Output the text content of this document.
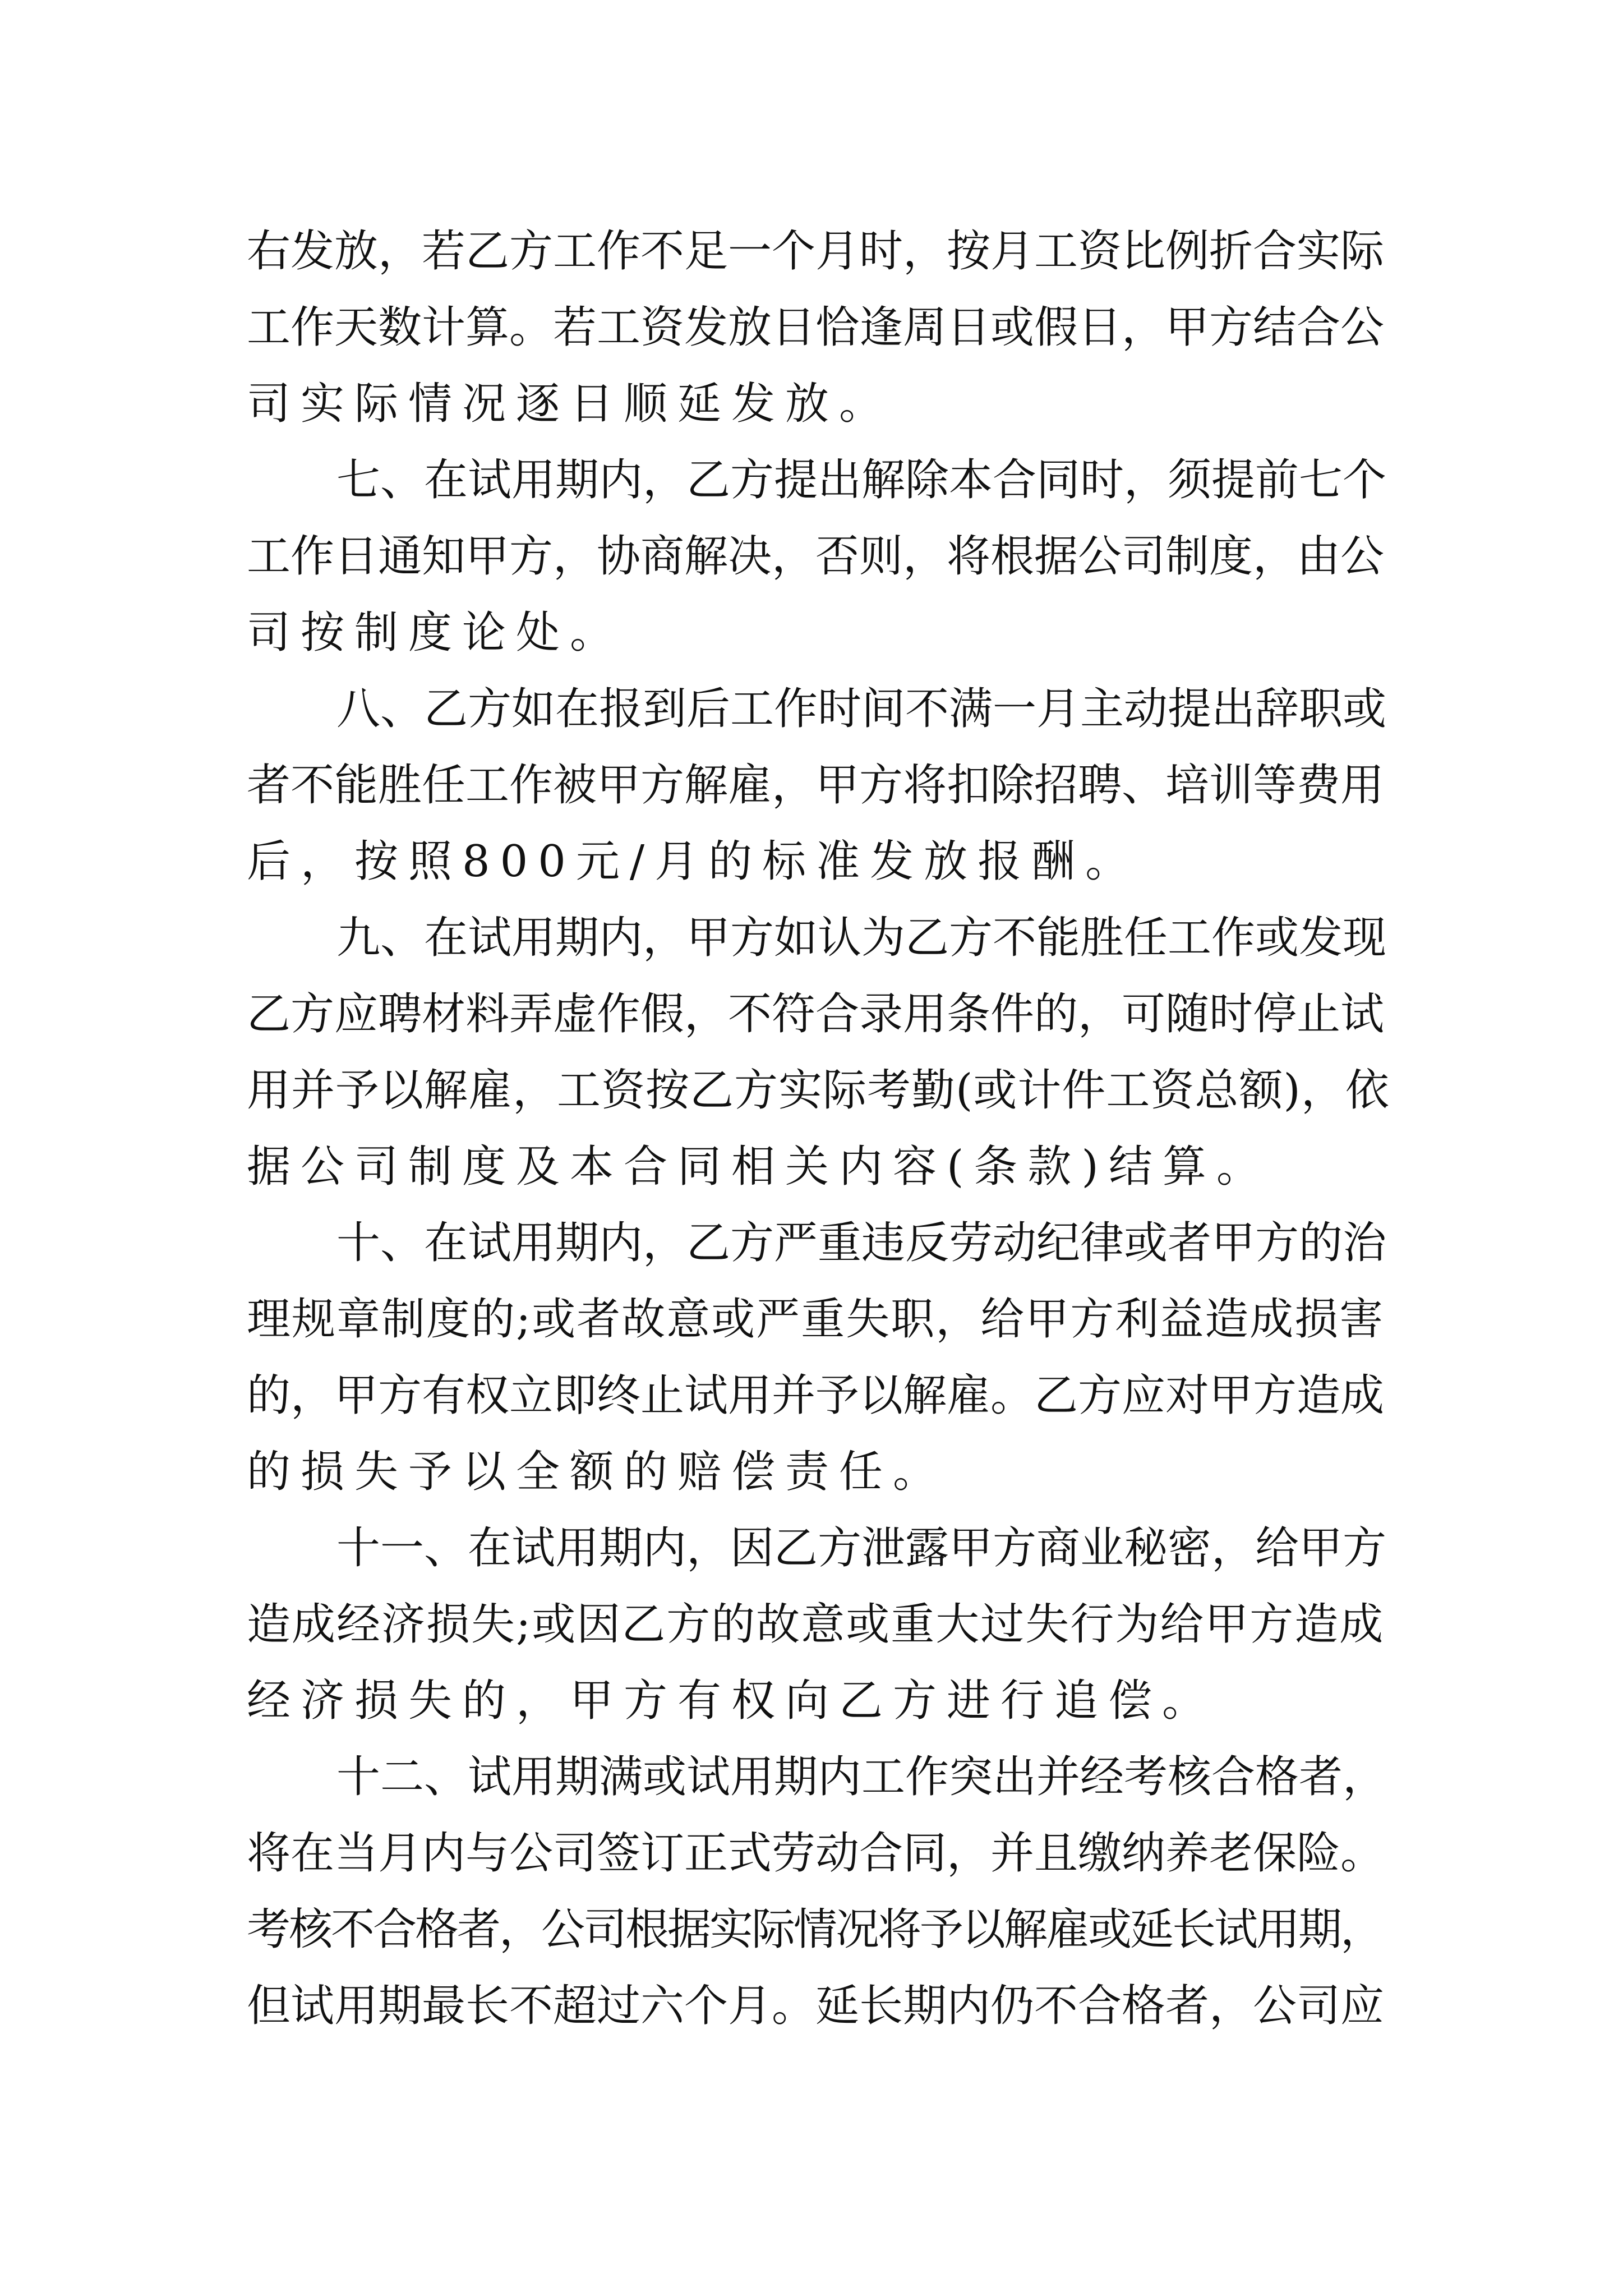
右发放，若乙方工作不足一个月时，按月工资比例折合实际
工作天数计算。若工资发放日恰逢周日或假日，甲方结合公
司实际情况逐日顺延发放。
七、在试用期内，乙方提出解除本合同时，须提前七个
工作日通知甲方，协商解决，否则，将根据公司制度，由公
司按制度论处。
八、乙方如在报到后工作时间不满一月主动提出辞职或
者不能胜任工作被甲方解雇，甲方将扣除招聘、培训等费用
后，按照800元/月的标准发放报酬。
九、在试用期内，甲方如认为乙方不能胜任工作或发现
乙方应聘材料弄虚作假，不符合录用条件的，可随时停止试
用并予以解雇，工资按乙方实际考勤(或计件工资总额)，依
据公司制度及本合同相关内容(条款)结算。
十、在试用期内，乙方严重违反劳动纪律或者甲方的治
理规章制度的;或者故意或严重失职，给甲方利益造成损害
的，甲方有权立即终止试用并予以解雇。乙方应对甲方造成
的损失予以全额的赔偿责任。
十一、在试用期内，因乙方泄露甲方商业秘密，给甲方
造成经济损失;或因乙方的故意或重大过失行为给甲方造成
经济损失的，甲方有权向乙方进行追偿。
十二、试用期满或试用期内工作突出并经考核合格者，
将在当月内与公司签订正式劳动合同，并且缴纳养老保险。
考核不合格者，公司根据实际情况将予以解雇或延长试用期，
但试用期最长不超过六个月。延长期内仍不合格者，公司应
